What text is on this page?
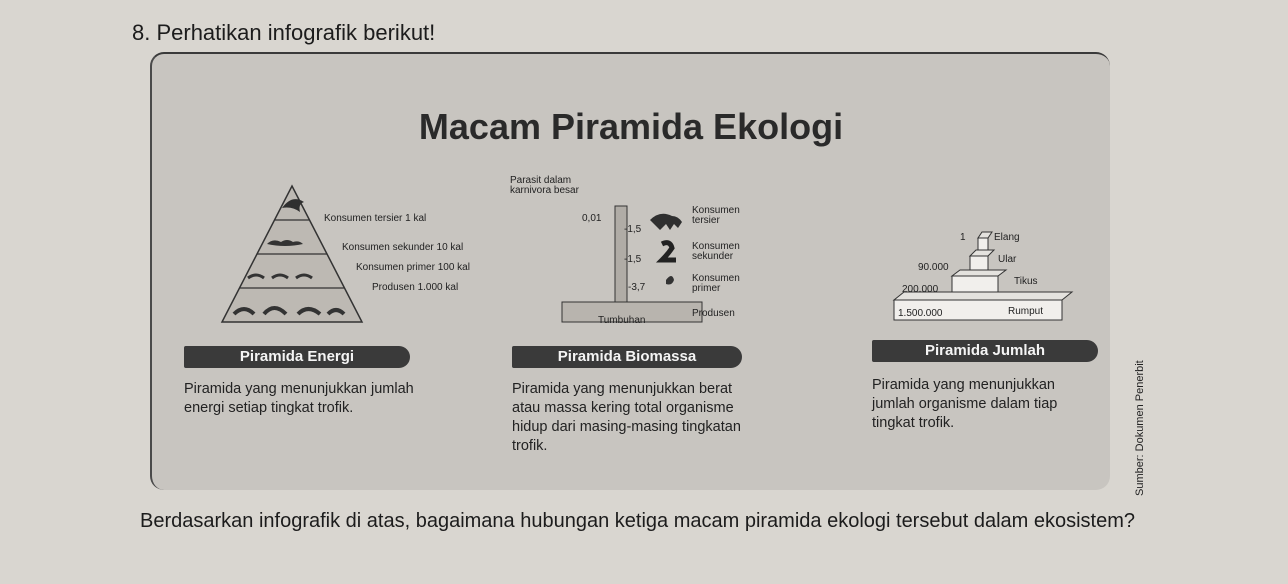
8. Perhatikan infografik berikut!
Macam Piramida Ekologi
Konsumen tersier 1 kal
Konsumen sekunder 10 kal
Konsumen primer 100 kal
Produsen 1.000 kal
Piramida Energi
Piramida yang menunjukkan jumlah energi setiap tingkat trofik.
Parasit dalam karnivora besar
0,01
-1,5
-1,5
-3,7
Konsumen tersier
Konsumen sekunder
Konsumen primer
Produsen
Tumbuhan
Piramida Biomassa
Piramida yang menunjukkan berat atau massa kering total organisme hidup dari masing-masing tingkatan trofik.
1
90.000
200.000
1.500.000
Elang
Ular
Tikus
Rumput
Piramida Jumlah
Piramida yang menunjukkan jumlah organisme dalam tiap tingkat trofik.	Sumber: Dokumen Penerbit
Berdasarkan infografik di atas, bagaimana hubungan ketiga macam piramida ekologi tersebut dalam ekosistem?
